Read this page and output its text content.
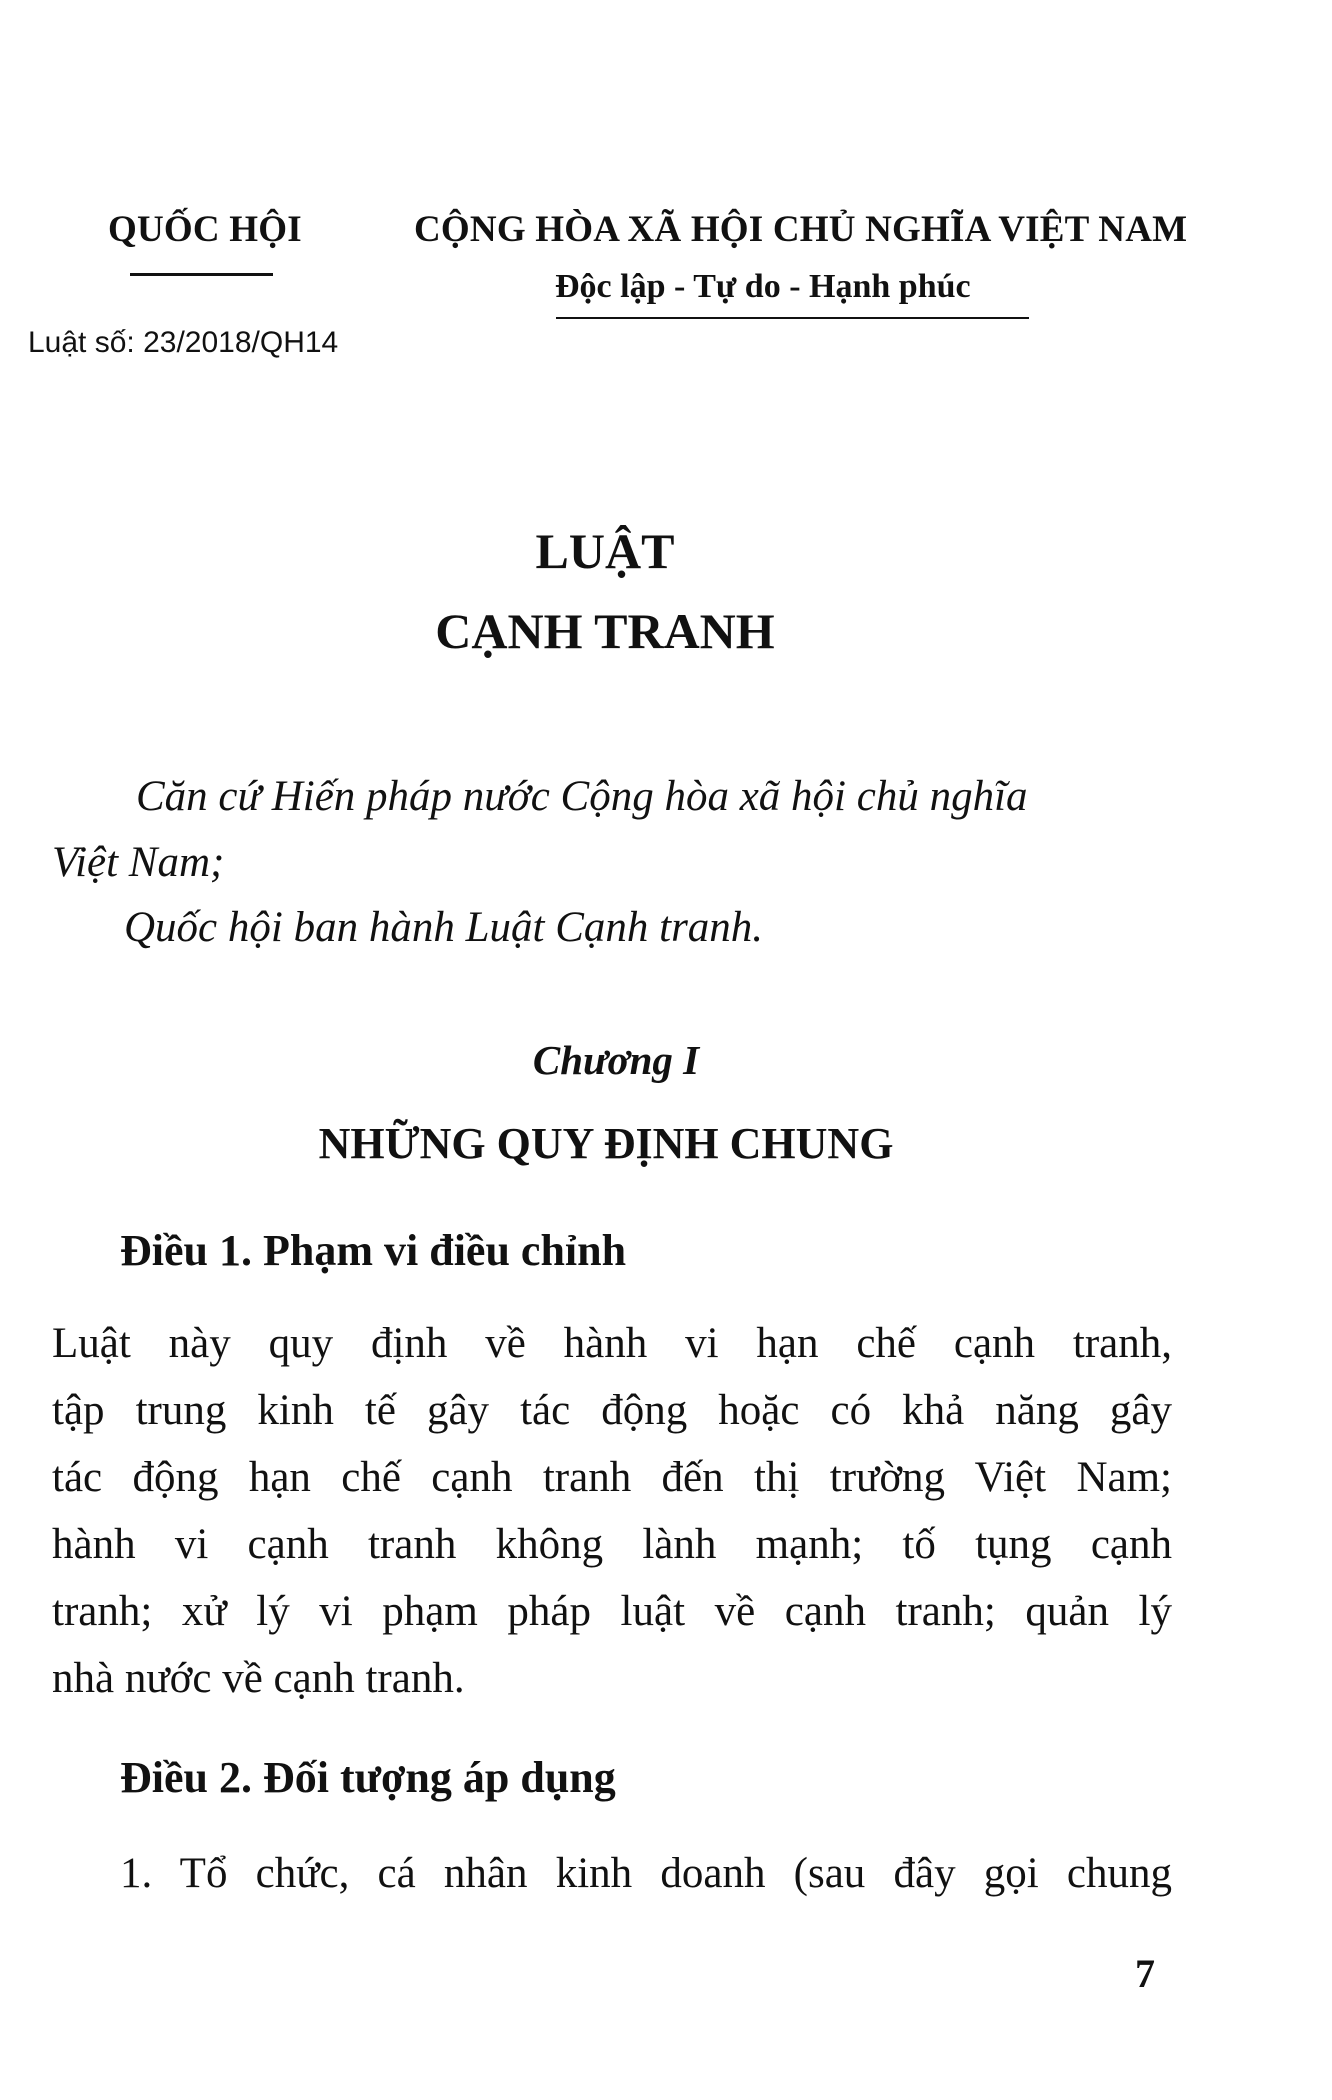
QUỐC HỘI	CỘNG HÒA XÃ HỘI CHỦ NGHĨA VIỆT NAM
Độc lập - Tự do - Hạnh phúc
Luật số: 23/2018/QH14
LUẬT
CẠNH TRANH
Căn cứ Hiến pháp nước Cộng hòa xã hội chủ nghĩa
Việt Nam;
Quốc hội ban hành Luật Cạnh tranh.
Chương I
NHỮNG QUY ĐỊNH CHUNG
Điều 1. Phạm vi điều chỉnh
Luật này quy định về hành vi hạn chế cạnh tranh,
tập trung kinh tế gây tác động hoặc có khả năng gây
tác động hạn chế cạnh tranh đến thị trường Việt Nam;
hành vi cạnh tranh không lành mạnh; tố tụng cạnh
tranh; xử lý vi phạm pháp luật về cạnh tranh; quản lý
nhà nước về cạnh tranh.
Điều 2. Đối tượng áp dụng
1. Tổ chức, cá nhân kinh doanh (sau đây gọi chung
7
